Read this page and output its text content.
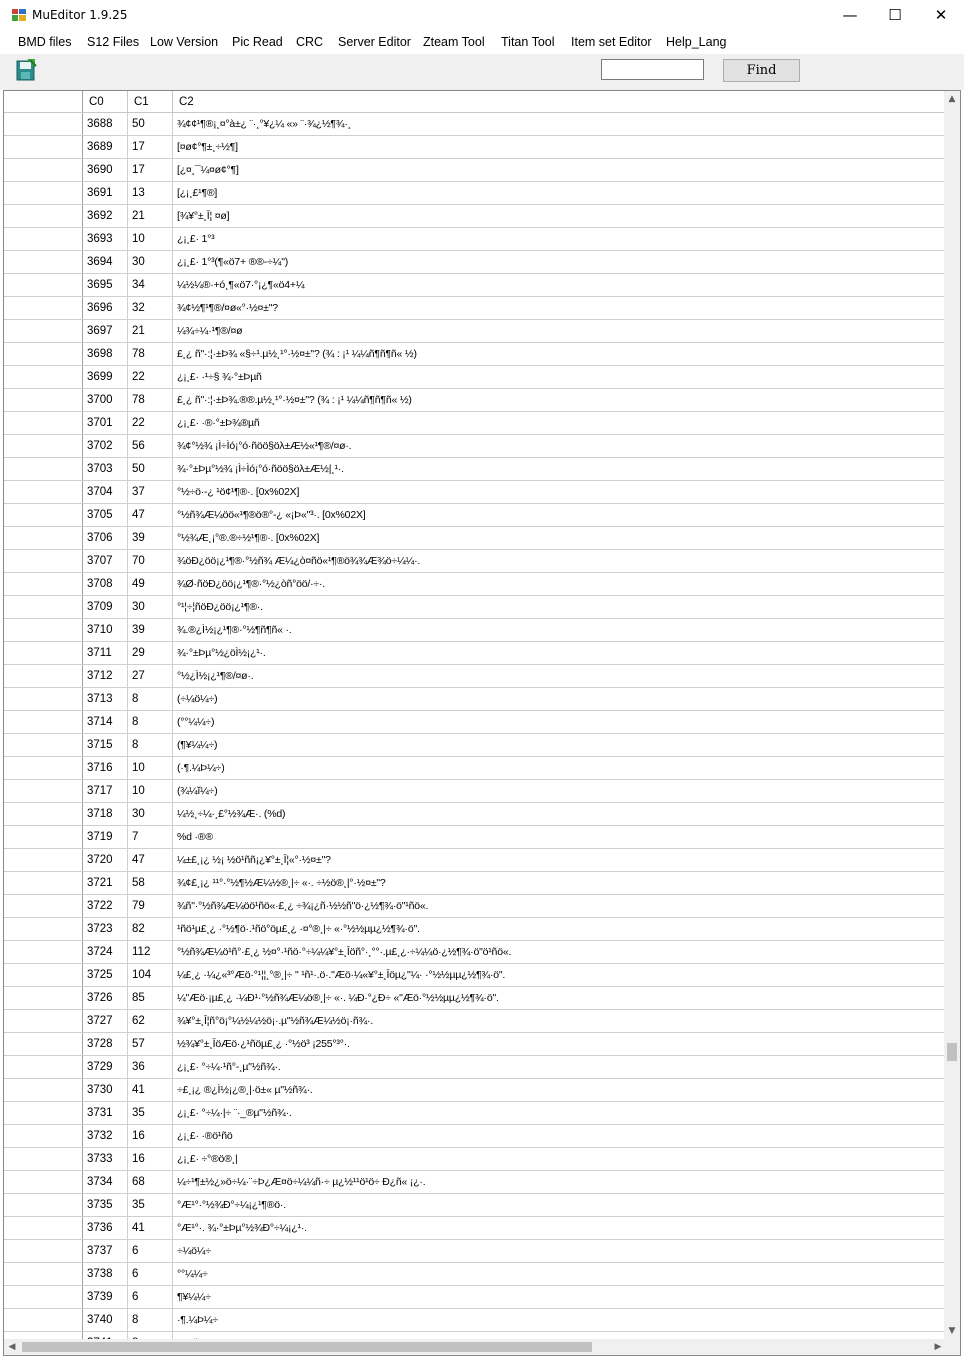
MuEditor 1.9.25	—	☐	✕
BMD files S12 Files Low Version Pic Read CRC Server Editor Zteam Tool Titan Tool Item set Editor Help_Lang
Find
C0	C1	C2
3688	50	¾¢¢¹¶®¡¸¤°à±¿ ¨·¸°¥¿¼ «» ¨·¾¿½¶¾·¸
3689	17	[¤ø¢°¶±¸÷½¶]
3690	17	[¿¤¸¯¼¤ø¢°¶]
3691	13	[¿¡¸£¹¶®]
3692	21	[¾¥°±¸Ī¦ ¤ø]
3693	10	¿¡¸£· 1°³
3694	30	¿¡¸£· 1°³(¶«ö7+ ®®-÷¼")
3695	34	¼½¼®·+ó¸¶«ö7·°¡¿¶«ö4+¼
3696	32	¾¢½¶¹¶®/¤ø«°·½¤±"?
3697	21	¼¾÷¼·¹¶®/¤ø
3698	78	£¸¿ ñ"·:¦·±Þ¾ «§÷¹.µ½¸¹°·½¤±"? (¾ : ¡¹ ¼¼ñ¶ñ¶ñ« ½)
3699	22	¿¡¸£· ·¹÷§ ¾·°±Þµñ
3700	78	£¸¿ ñ"·:¦·±Þ¾.®®.µ½¸¹°·½¤±"? (¾ : ¡¹ ¼¼ñ¶ñ¶ñ« ½)
3701	22	¿¡¸£· ·®·°±Þ¾®µñ
3702	56	¾¢°½¾ ¡Ì÷Ìó¡°ó·ñöö§öλ±Æ½«¹¶®/¤ø·.
3703	50	¾·°±Þµ°½¾ ¡Ì÷Ìó¡°ó·ñöö§öλ±Æ½|¸¹·.
3704	37	°½÷ö·-¿ ¹ö¢¹¶®·. [0x%02X]
3705	47	°½ñ¾Æ¼öö«¹¶®ö®°-¿ «¡Þ«"³·. [0x%02X]
3706	39	°½¾Æ¸¡°®.®÷½¹¶®·. [0x%02X]
3707	70	¾öÐ¿öö¡¿¹¶®·°½ñ¾ Æ¼¿ò¤ñö«¹¶®ö¾¾Æ¾ö÷¼¼·.
3708	49	¾Ø·ñöÐ¿öö¡¿¹¶®·°½¿òñ°öö/·÷·.
3709	30	°¹¦÷¦ñöÐ¿öö¡¿¹¶®·.
3710	39	¾.®¿Ì½¡¿¹¶®·°½¶ñ¶ñ« ·.
3711	29	¾·°±Þµ°½¿öÌ½¡¿¹·.
3712	27	°½¿Ì½¡¿¹¶®/¤ø·.
3713	8	(÷¼ö¼÷)
3714	8	(°°¼¼÷)
3715	8	(¶¥¼¼÷)
3716	10	(·¶.¼Þ¼÷)
3717	10	(¾¼ĭ¼÷)
3718	30	¼½¸÷¼·¸£°½¾Æ·. (%d)
3719	7	%d ·®®
3720	47	¼±£¸¡¿ ½¡ ½ö¹ññ¡¿¥°±¸Ī¦«°·½¤±"?
3721	58	¾¢£¸¡¿ ¹¹°·°½¶½Æ¼½®¸|÷ «·. ÷½ö®¸|°·½¤±"?
3722	79	¾ñ"·°½ñ¾Æ¼öö¹ñö«·£¸¿ ÷¾¡¿ñ·½½ñ"ö·¿½¶¾·ö"¹ñö«.
3723	82	¹ñö¹µ£¸¿ ·°½¶ö·.¹ñö°öµ£¸¿ ·¤°®¸|÷ «·°½½µµ¿½¶¾·ö".
3724	112	°½ñ¾Æ¼ö¹ñ°·£¸¿ ½¤°·¹ñö·°÷¼¼¥°±¸Īöñ°·¸°°·.µ£¸¿·÷¼¼ö·¿½¶¾·ö"ö¹ñö«.
3725	104	¼£¸¿ ·¼¿«³°Æö·°¹¦¦¸°®¸|÷ " ¹ñ¹·.ö·."Æö·¼«¥°±¸Īöµ¿"¼· ·°½½µµ¿½¶¾·ö".
3726	85	¼"Æö·¡µ£¸¿ ·¼Ð¹·°½ñ¾Æ¼ö®¸|÷ «·. ¼Ð·°¿Ð÷ «"Æö·°½½µµ¿½¶¾·ö".
3727	62	¾¥°±¸Ī¦ñ°ö¡°¼½¼½ö¡·.µ"½ñ¾Æ¼½ö¡·ñ¾·.
3728	57	½¾¥°±¸ĪöÆö·¿¹ñöµ£¸¿ ·°½ö³ ¡255°³°·.
3729	36	¿¡¸£· °÷¼·¹ñ°-¸µ"½ñ¾·.
3730	41	÷£¸¡¿ ®¿Ì½¡¿®¸|·ö±« µ"½ñ¾·.
3731	35	¿¡¸£· °÷¼·|÷ ¨·_®µ"½ñ¾·.
3732	16	¿¡¸£· ·®ö¹ñö
3733	16	¿¡¸£· ÷°®ö®¸|
3734	68	¼÷¹¶±½¿»ö÷¼·¨÷Þ¿Æ¤ö÷¼¼ñ·÷ µ¿½¹¹ö¹ö÷ Ð¿ñ« ¡¿·.
3735	35	°Æ¹°·°½¾Ð°÷¼¡¿¹¶®ö·.
3736	41	°Æ¹°·. ¾·°±Þµ°½¾Ð°÷¼¡¿¹·.
3737	6	÷¼ö¼÷
3738	6	°°¼¼÷
3739	6	¶¥¼¼÷
3740	8	·¶.¼Þ¼÷
▲
▼
◀	▶
